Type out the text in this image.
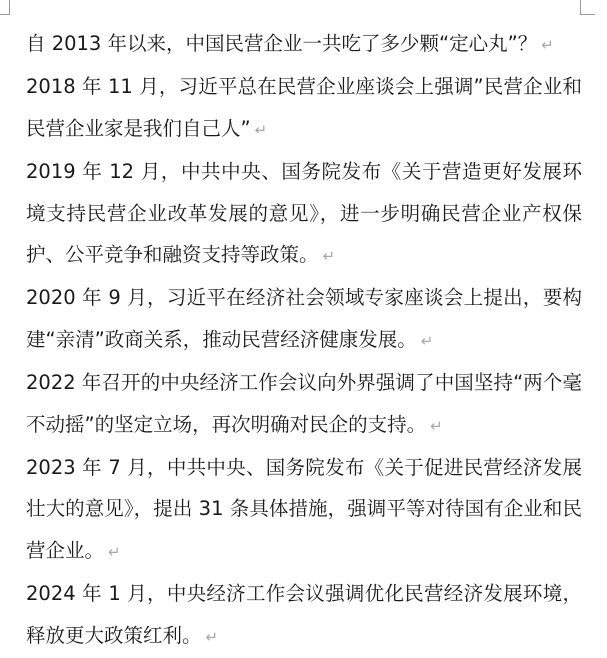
自 2013 年以来，中国民营企业一共吃了多少颗“定心丸”？ ↵

2018 年 11 月，习近平总在民营企业座谈会上强调”民营企业和民营企业家是我们自己人” ↵

2019 年 12 月，中共中央、国务院发布《关于营造更好发展环境支持民营企业改革发展的意见》，进一步明确民营企业产权保护、公平竞争和融资支持等政策。 ↵

2020 年 9 月，习近平在经济社会领域专家座谈会上提出，要构建“亲清”政商关系，推动民营经济健康发展。 ↵

2022 年召开的中央经济工作会议向外界强调了中国坚持“两个毫不动摇”的坚定立场，再次明确对民企的支持。 ↵

2023 年 7 月，中共中央、国务院发布《关于促进民营经济发展壮大的意见》，提出 31 条具体措施，强调平等对待国有企业和民营企业。 ↵

2024 年 1 月，中央经济工作会议强调优化民营经济发展环境，释放更大政策红利。 ↵
